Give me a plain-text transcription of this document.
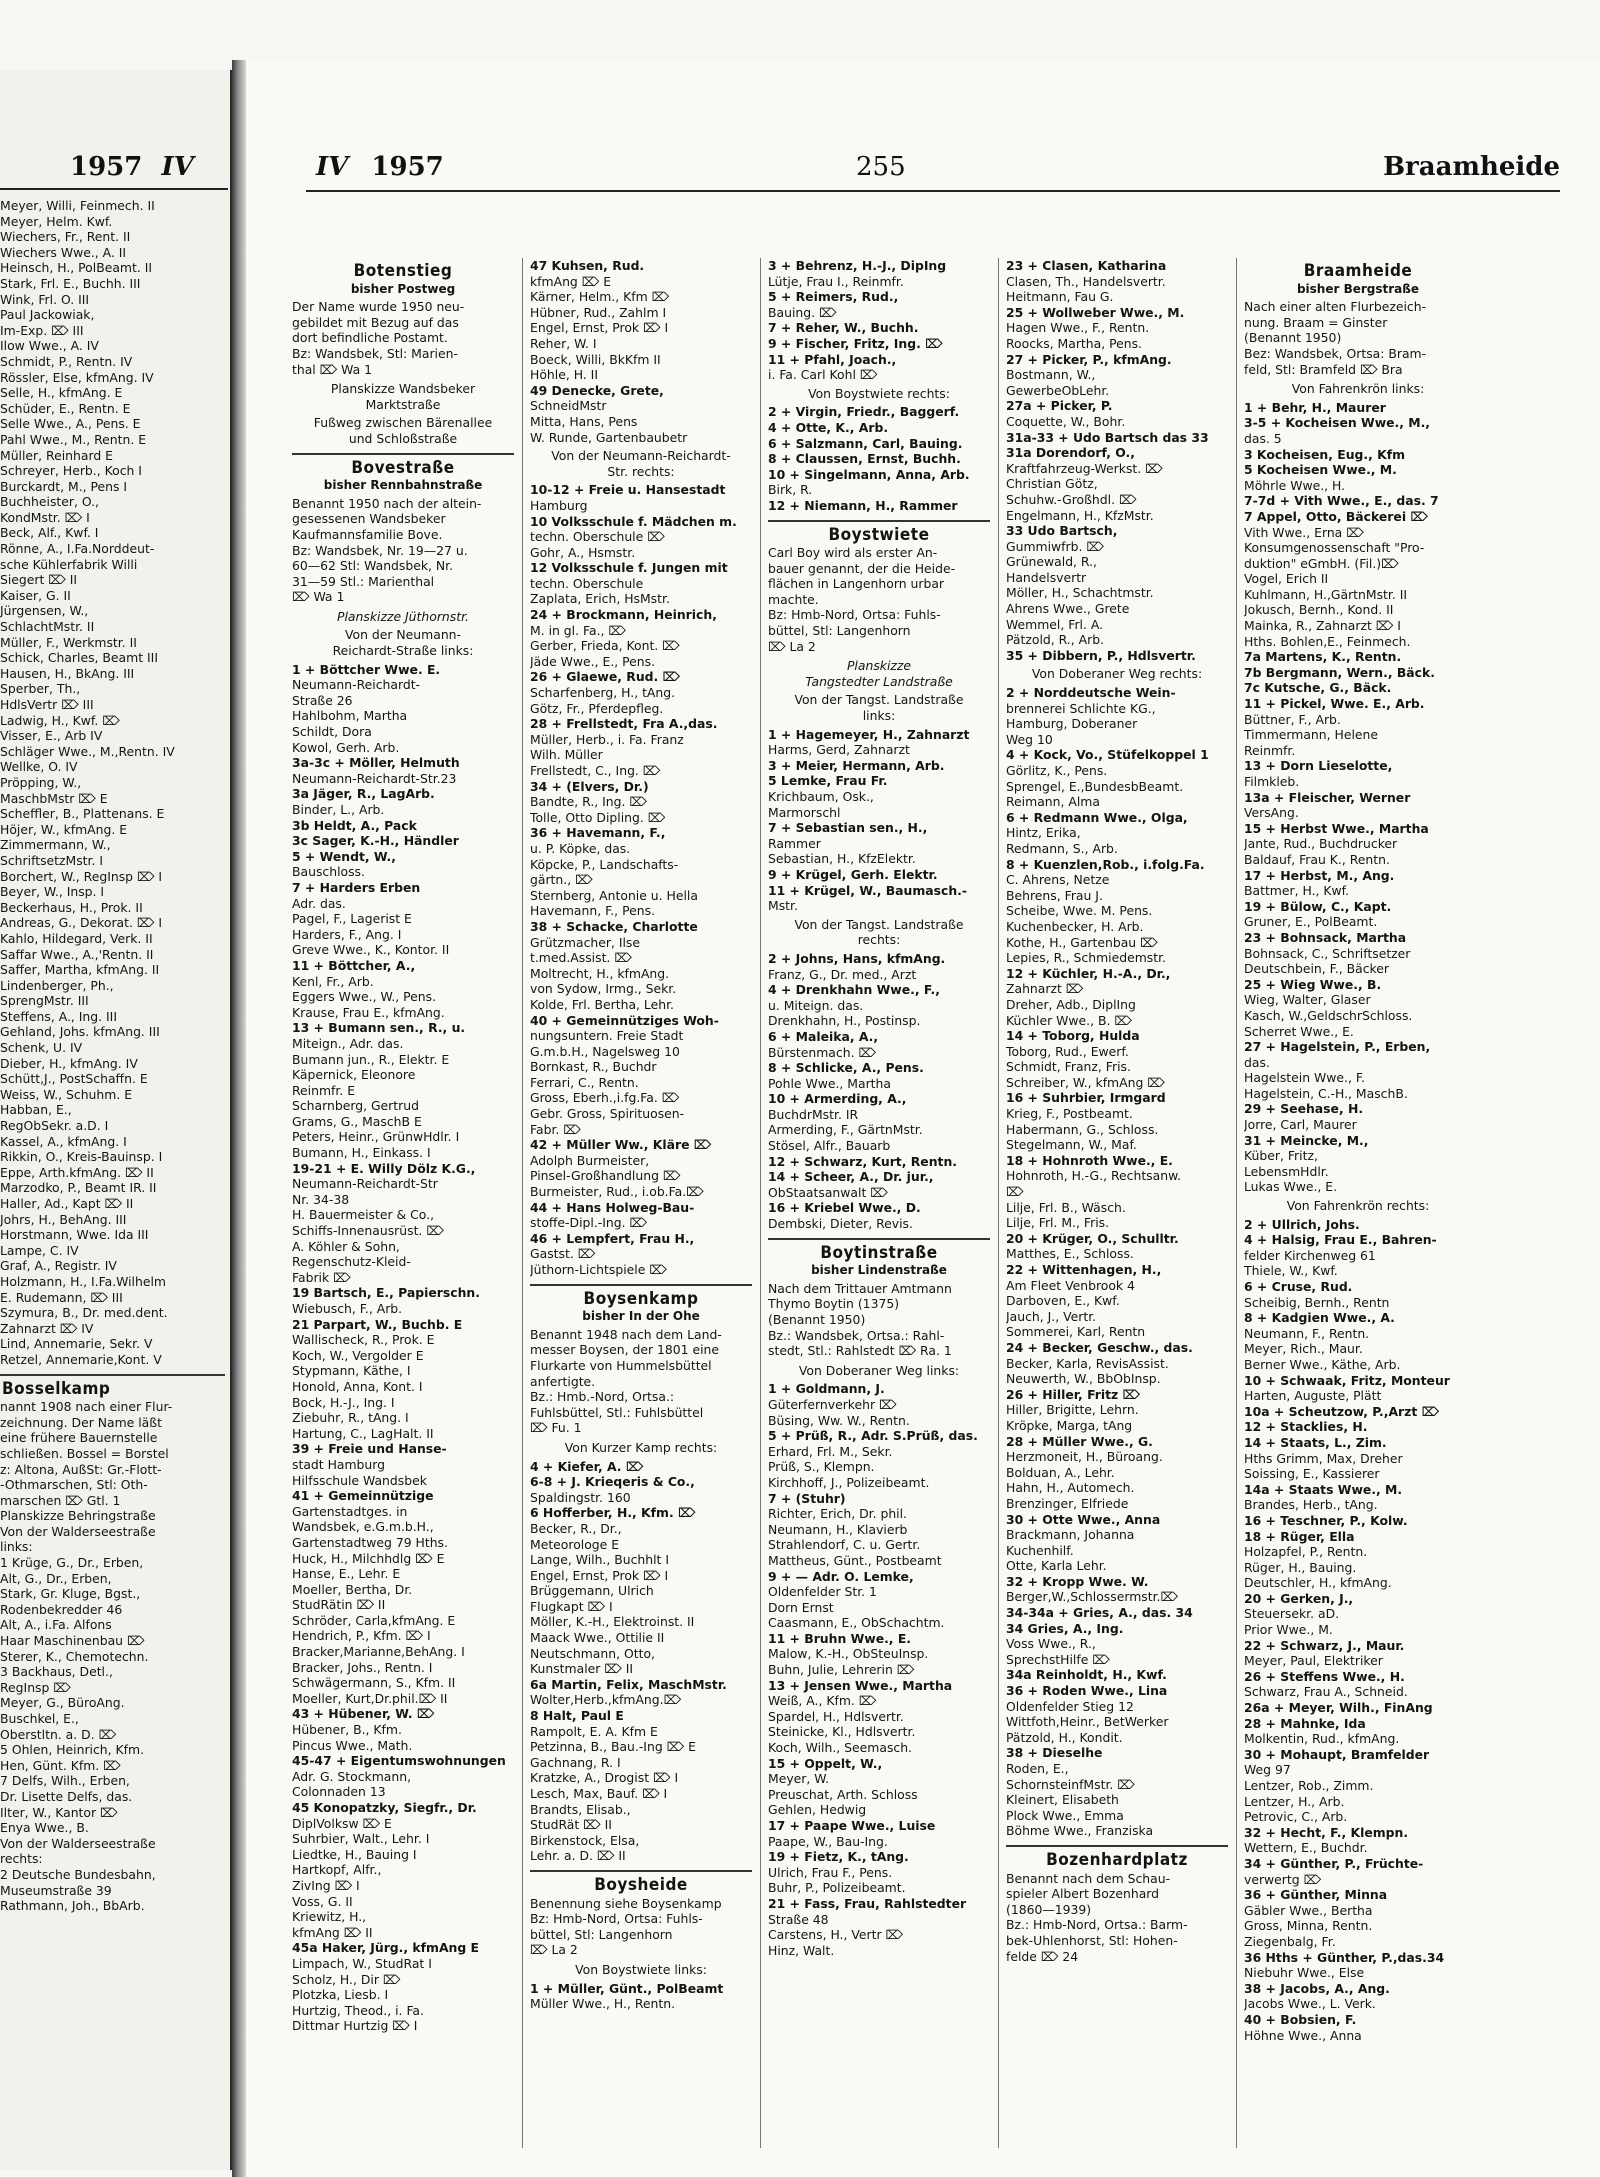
1957 IV
Meyer, Willi, Feinmech. II
Meyer, Helm. Kwf.
Wiechers, Fr., Rent. II
Wiechers Wwe., A. II
Heinsch, H., PolBeamt. II
Stark, Frl. E., Buchh. III
Wink, Frl. O. III
Paul Jackowiak,
Im-Exp. ⌦ III
Ilow Wwe., A. IV
Schmidt, P., Rentn. IV
Rössler, Else, kfmAng. IV
Selle, H., kfmAng. E
Schüder, E., Rentn. E
Selle Wwe., A., Pens. E
Pahl Wwe., M., Rentn. E
Müller, Reinhard E
Schreyer, Herb., Koch I
Burckardt, M., Pens I
Buchheister, O.,
KondMstr. ⌦ I
Beck, Alf., Kwf. I
Rönne, A., I.Fa.Norddeut-
sche Kühlerfabrik Willi
Siegert ⌦ II
Kaiser, G. II
Jürgensen, W.,
SchlachtMstr. II
Müller, F., Werkmstr. II
Schick, Charles, Beamt III
Hausen, H., BkAng. III
Sperber, Th.,
HdlsVertr ⌦ III
Ladwig, H., Kwf. ⌦
Visser, E., Arb IV
Schläger Wwe., M.,Rentn. IV
Wellke, O. IV
Pröpping, W.,
MaschbMstr ⌦ E
Scheffler, B., Plattenans. E
Höjer, W., kfmAng. E
Zimmermann, W.,
SchriftsetzMstr. I
Borchert, W., RegInsp ⌦ I
Beyer, W., Insp. I
Beckerhaus, H., Prok. II
Andreas, G., Dekorat. ⌦ I
Kahlo, Hildegard, Verk. II
Saffar Wwe., A.,'Rentn. II
Saffer, Martha, kfmAng. II
Lindenberger, Ph.,
SprengMstr. III
Steffens, A., Ing. III
Gehland, Johs. kfmAng. III
Schenk, U. IV
Dieber, H., kfmAng. IV
Schütt,J., PostSchaffn. E
Weiss, W., Schuhm. E
Habban, E.,
RegObSekr. a.D. I
Kassel, A., kfmAng. I
Rikkin, O., Kreis-Bauinsp. I
Eppe, Arth.kfmAng. ⌦ II
Marzodko, P., Beamt IR. II
Haller, Ad., Kapt ⌦ II
Johrs, H., BehAng. III
Horstmann, Wwe. Ida III
Lampe, C. IV
Graf, A., Registr. IV
Holzmann, H., I.Fa.Wilhelm
E. Rudemann, ⌦ III
Szymura, B., Dr. med.dent.
Zahnarzt ⌦ IV
Lind, Annemarie, Sekr. V
Retzel, Annemarie,Kont. V
Bosselkamp
nannt 1908 nach einer Flur-
zeichnung. Der Name läßt
eine frühere Bauernstelle
schließen. Bossel = Borstel
z: Altona, AußSt: Gr.-Flott-
-Othmarschen, Stl: Oth-
marschen ⌦ Gtl. 1
Planskizze Behringstraße
Von der Walderseestraße
links:
1 Krüge, G., Dr., Erben,
Alt, G., Dr., Erben,
Stark, Gr. Kluge, Bgst.,
Rodenbekredder 46
Alt, A., i.Fa. Alfons
Haar Maschinenbau ⌦
Sterer, K., Chemotechn.
3 Backhaus, Detl.,
RegInsp ⌦
Meyer, G., BüroAng.
Buschkel, E.,
Oberstltn. a. D. ⌦
5 Ohlen, Heinrich, Kfm.
Hen, Günt. Kfm. ⌦
7 Delfs, Wilh., Erben,
Dr. Lisette Delfs, das.
Ilter, W., Kantor ⌦
Enya Wwe., B.
Von der Walderseestraße
rechts:
2 Deutsche Bundesbahn,
Museumstraße 39
Rathmann, Joh., BbArb.
IV 1957	255	Braamheide
Botenstieg
bisher Postweg
Der Name wurde 1950 neu-
gebildet mit Bezug auf das
dort befindliche Postamt.
Bz: Wandsbek, Stl: Marien-
thal ⌦ Wa 1
Planskizze Wandsbeker
Marktstraße
Fußweg zwischen Bärenallee
und Schloßstraße
Bovestraße
bisher Rennbahnstraße
Benannt 1950 nach der altein-
gesessenen Wandsbeker
Kaufmannsfamilie Bove.
Bz: Wandsbek, Nr. 19—27 u.
60—62 Stl: Wandsbek, Nr.
31—59 Stl.: Marienthal
⌦ Wa 1
Planskizze Jüthornstr.
Von der Neumann-
Reichardt-Straße links:
1 + Böttcher Wwe. E.
Neumann-Reichardt-
Straße 26
Hahlbohm, Martha
Schildt, Dora
Kowol, Gerh. Arb.
3a-3c + Möller, Helmuth
Neumann-Reichardt-Str.23
3a Jäger, R., LagArb.
Binder, L., Arb.
3b Heldt, A., Pack
3c Sager, K.-H., Händler
5 + Wendt, W.,
Bauschloss.
7 + Harders Erben
Adr. das.
Pagel, F., Lagerist E
Harders, F., Ang. I
Greve Wwe., K., Kontor. II
11 + Böttcher, A.,
Kenl, Fr., Arb.
Eggers Wwe., W., Pens.
Krause, Frau E., kfmAng.
13 + Bumann sen., R., u.
Miteign., Adr. das.
Bumann jun., R., Elektr. E
Käpernick, Eleonore
Reinmfr. E
Scharnberg, Gertrud
Grams, G., MaschB E
Peters, Heinr., GrünwHdlr. I
Bumann, H., Einkass. I
19-21 + E. Willy Dölz K.G.,
Neumann-Reichardt-Str
Nr. 34-38
H. Bauermeister & Co.,
Schiffs-Innenausrüst. ⌦
A. Köhler & Sohn,
Regenschutz-Kleid-
Fabrik ⌦
19 Bartsch, E., Papierschn.
Wiebusch, F., Arb.
21 Parpart, W., Buchb. E
Wallischeck, R., Prok. E
Koch, W., Vergolder E
Stypmann, Käthe, I
Honold, Anna, Kont. I
Bock, H.-J., Ing. I
Ziebuhr, R., tAng. I
Hartung, C., LagHalt. II
39 + Freie und Hanse-
stadt Hamburg
Hilfsschule Wandsbek
41 + Gemeinnützige
Gartenstadtges. in
Wandsbek, e.G.m.b.H.,
Gartenstadtweg 79 Hths.
Huck, H., Milchhdlg ⌦ E
Hanse, E., Lehr. E
Moeller, Bertha, Dr.
StudRätin ⌦ II
Schröder, Carla,kfmAng. E
Hendrich, P., Kfm. ⌦ I
Bracker,Marianne,BehAng. I
Bracker, Johs., Rentn. I
Schwägermann, S., Kfm. II
Moeller, Kurt,Dr.phil.⌦ II
43 + Hübener, W. ⌦
Hübener, B., Kfm.
Pincus Wwe., Math.
45-47 + Eigentumswohnungen
Adr. G. Stockmann,
Colonnaden 13
45 Konopatzky, Siegfr., Dr.
DiplVolksw ⌦ E
Suhrbier, Walt., Lehr. I
Liedtke, H., Bauing I
Hartkopf, Alfr.,
ZivIng ⌦ I
Voss, G. II
Kriewitz, H.,
kfmAng ⌦ II
45a Haker, Jürg., kfmAng E
Limpach, W., StudRat I
Scholz, H., Dir ⌦
Plotzka, Liesb. I
Hurtzig, Theod., i. Fa.
Dittmar Hurtzig ⌦ I
47 Kuhsen, Rud.
kfmAng ⌦ E
Kärner, Helm., Kfm ⌦
Hübner, Rud., Zahlm I
Engel, Ernst, Prok ⌦ I
Reher, W. I
Boeck, Willi, BkKfm II
Höhle, H. II
49 Denecke, Grete,
SchneidMstr
Mitta, Hans, Pens
W. Runde, Gartenbaubetr
Von der Neumann-Reichardt-
Str. rechts:
10-12 + Freie u. Hansestadt
Hamburg
10 Volksschule f. Mädchen m.
techn. Oberschule ⌦
Gohr, A., Hsmstr.
12 Volksschule f. Jungen mit
techn. Oberschule
Zaplata, Erich, HsMstr.
24 + Brockmann, Heinrich,
M. in gl. Fa., ⌦
Gerber, Frieda, Kont. ⌦
Jäde Wwe., E., Pens.
26 + Glaewe, Rud. ⌦
Scharfenberg, H., tAng.
Götz, Fr., Pferdepfleg.
28 + Frellstedt, Fra A.,das.
Müller, Herb., i. Fa. Franz
Wilh. Müller
Frellstedt, C., Ing. ⌦
34 + (Elvers, Dr.)
Bandte, R., Ing. ⌦
Tolle, Otto Dipling. ⌦
36 + Havemann, F.,
u. P. Köpke, das.
Köpcke, P., Landschafts-
gärtn., ⌦
Sternberg, Antonie u. Hella
Havemann, F., Pens.
38 + Schacke, Charlotte
Grützmacher, Ilse
t.med.Assist. ⌦
Moltrecht, H., kfmAng.
von Sydow, Irmg., Sekr.
Kolde, Frl. Bertha, Lehr.
40 + Gemeinnütziges Woh-
nungsuntern. Freie Stadt
G.m.b.H., Nagelsweg 10
Bornkast, R., Buchdr
Ferrari, C., Rentn.
Gross, Eberh.,i.fg.Fa. ⌦
Gebr. Gross, Spirituosen-
Fabr. ⌦
42 + Müller Ww., Kläre ⌦
Adolph Burmeister,
Pinsel-Großhandlung ⌦
Burmeister, Rud., i.ob.Fa.⌦
44 + Hans Holweg-Bau-
stoffe-Dipl.-Ing. ⌦
46 + Lempfert, Frau H.,
Gastst. ⌦
Jüthorn-Lichtspiele ⌦
Boysenkamp
bisher In der Ohe
Benannt 1948 nach dem Land-
messer Boysen, der 1801 eine
Flurkarte von Hummelsbüttel
anfertigte.
Bz.: Hmb.-Nord, Ortsa.:
Fuhlsbüttel, Stl.: Fuhlsbüttel
⌦ Fu. 1
Von Kurzer Kamp rechts:
4 + Kiefer, A. ⌦
6-8 + J. Krieqeris & Co.,
Spaldingstr. 160
6 Hofferber, H., Kfm. ⌦
Becker, R., Dr.,
Meteorologe E
Lange, Wilh., Buchhlt I
Engel, Ernst, Prok ⌦ I
Brüggemann, Ulrich
Flugkapt ⌦ I
Möller, K.-H., Elektroinst. II
Maack Wwe., Ottilie II
Neutschmann, Otto,
Kunstmaler ⌦ II
6a Martin, Felix, MaschMstr.
Wolter,Herb.,kfmAng.⌦
8 Halt, Paul E
Rampolt, E. A. Kfm E
Petzinna, B., Bau.-Ing ⌦ E
Gachnang, R. I
Kratzke, A., Drogist ⌦ I
Lesch, Max, Bauf. ⌦ I
Brandts, Elisab.,
StudRät ⌦ II
Birkenstock, Elsa,
Lehr. a. D. ⌦ II
Boysheide
Benennung siehe Boysenkamp
Bz: Hmb-Nord, Ortsa: Fuhls-
büttel, Stl: Langenhorn
⌦ La 2
Von Boystwiete links:
1 + Müller, Günt., PolBeamt
Müller Wwe., H., Rentn.
3 + Behrenz, H.-J., DipIng
Lütje, Frau I., Reinmfr.
5 + Reimers, Rud.,
Bauing. ⌦
7 + Reher, W., Buchh.
9 + Fischer, Fritz, Ing. ⌦
11 + Pfahl, Joach.,
i. Fa. Carl Kohl ⌦
Von Boystwiete rechts:
2 + Virgin, Friedr., Baggerf.
4 + Otte, K., Arb.
6 + Salzmann, Carl, Bauing.
8 + Claussen, Ernst, Buchh.
10 + Singelmann, Anna, Arb.
Birk, R.
12 + Niemann, H., Rammer
Boystwiete
Carl Boy wird als erster An-
bauer genannt, der die Heide-
flächen in Langenhorn urbar
machte.
Bz: Hmb-Nord, Ortsa: Fuhls-
büttel, Stl: Langenhorn
⌦ La 2
Planskizze
Tangstedter Landstraße
Von der Tangst. Landstraße
links:
1 + Hagemeyer, H., Zahnarzt
Harms, Gerd, Zahnarzt
3 + Meier, Hermann, Arb.
5 Lemke, Frau Fr.
Krichbaum, Osk.,
Marmorschl
7 + Sebastian sen., H.,
Rammer
Sebastian, H., KfzElektr.
9 + Krügel, Gerh. Elektr.
11 + Krügel, W., Baumasch.-
Mstr.
Von der Tangst. Landstraße
rechts:
2 + Johns, Hans, kfmAng.
Franz, G., Dr. med., Arzt
4 + Drenkhahn Wwe., F.,
u. Miteign. das.
Drenkhahn, H., Postinsp.
6 + Maleika, A.,
Bürstenmach. ⌦
8 + Schlicke, A., Pens.
Pohle Wwe., Martha
10 + Armerding, A.,
BuchdrMstr. IR
Armerding, F., GärtnMstr.
Stösel, Alfr., Bauarb
12 + Schwarz, Kurt, Rentn.
14 + Scheer, A., Dr. jur.,
ObStaatsanwalt ⌦
16 + Kriebel Wwe., D.
Dembski, Dieter, Revis.
Boytinstraße
bisher Lindenstraße
Nach dem Trittauer Amtmann
Thymo Boytin (1375)
(Benannt 1950)
Bz.: Wandsbek, Ortsa.: Rahl-
stedt, Stl.: Rahlstedt ⌦ Ra. 1
Von Doberaner Weg links:
1 + Goldmann, J.
Güterfernverkehr ⌦
Büsing, Ww. W., Rentn.
5 + Prüß, R., Adr. S.Prüß, das.
Erhard, Frl. M., Sekr.
Prüß, S., Klempn.
Kirchhoff, J., Polizeibeamt.
7 + (Stuhr)
Richter, Erich, Dr. phil.
Neumann, H., Klavierb
Strahlendorf, C. u. Gertr.
Mattheus, Günt., Postbeamt
9 + — Adr. O. Lemke,
Oldenfelder Str. 1
Dorn Ernst
Caasmann, E., ObSchachtm.
11 + Bruhn Wwe., E.
Malow, K.-H., ObSteuInsp.
Buhn, Julie, Lehrerin ⌦
13 + Jensen Wwe., Martha
Weiß, A., Kfm. ⌦
Spardel, H., Hdlsvertr.
Steinicke, Kl., Hdlsvertr.
Koch, Wilh., Seemasch.
15 + Oppelt, W.,
Meyer, W.
Preuschat, Arth. Schloss
Gehlen, Hedwig
17 + Paape Wwe., Luise
Paape, W., Bau-Ing.
19 + Fietz, K., tAng.
Ulrich, Frau F., Pens.
Buhr, P., Polizeibeamt.
21 + Fass, Frau, Rahlstedter
Straße 48
Carstens, H., Vertr ⌦
Hinz, Walt.
23 + Clasen, Katharina
Clasen, Th., Handelsvertr.
Heitmann, Fau G.
25 + Wollweber Wwe., M.
Hagen Wwe., F., Rentn.
Roocks, Martha, Pens.
27 + Picker, P., kfmAng.
Bostmann, W.,
GewerbeObLehr.
27a + Picker, P.
Coquette, W., Bohr.
31a-33 + Udo Bartsch das 33
31a Dorendorf, O.,
Kraftfahrzeug-Werkst. ⌦
Christian Götz,
Schuhw.-Großhdl. ⌦
Engelmann, H., KfzMstr.
33 Udo Bartsch,
Gummiwfrb. ⌦
Grünewald, R.,
Handelsvertr
Möller, H., Schachtmstr.
Ahrens Wwe., Grete
Wemmel, Frl. A.
Pätzold, R., Arb.
35 + Dibbern, P., Hdlsvertr.
Von Doberaner Weg rechts:
2 + Norddeutsche Wein-
brennerei Schlichte KG.,
Hamburg, Doberaner
Weg 10
4 + Kock, Vo., Stüfelkoppel 1
Görlitz, K., Pens.
Sprengel, E.,BundesbBeamt.
Reimann, Alma
6 + Redmann Wwe., Olga,
Hintz, Erika,
Redmann, S., Arb.
8 + Kuenzlen,Rob., i.folg.Fa.
C. Ahrens, Netze
Behrens, Frau J.
Scheibe, Wwe. M. Pens.
Kuchenbecker, H. Arb.
Kothe, H., Gartenbau ⌦
Lepies, R., Schmiedemstr.
12 + Küchler, H.-A., Dr.,
Zahnarzt ⌦
Dreher, Adb., DiplIng
Küchler Wwe., B. ⌦
14 + Toborg, Hulda
Toborg, Rud., Ewerf.
Schmidt, Franz, Fris.
Schreiber, W., kfmAng ⌦
16 + Suhrbier, Irmgard
Krieg, F., Postbeamt.
Habermann, G., Schloss.
Stegelmann, W., Maf.
18 + Hohnroth Wwe., E.
Hohnroth, H.-G., Rechtsanw.
⌦
Lilje, Frl. B., Wäsch.
Lilje, Frl. M., Fris.
20 + Krüger, O., Schulltr.
Matthes, E., Schloss.
22 + Wittenhagen, H.,
Am Fleet Venbrook 4
Darboven, E., Kwf.
Jauch, J., Vertr.
Sommerei, Karl, Rentn
24 + Becker, Geschw., das.
Becker, Karla, RevisAssist.
Neuwerth, W., BbObInsp.
26 + Hiller, Fritz ⌦
Hiller, Brigitte, Lehrn.
Kröpke, Marga, tAng
28 + Müller Wwe., G.
Herzmoneit, H., Büroang.
Bolduan, A., Lehr.
Hahn, H., Automech.
Brenzinger, Elfriede
30 + Otte Wwe., Anna
Brackmann, Johanna
Kuchenhilf.
Otte, Karla Lehr.
32 + Kropp Wwe. W.
Berger,W.,Schlossermstr.⌦
34-34a + Gries, A., das. 34
34 Gries, A., Ing.
Voss Wwe., R.,
SprechstHilfe ⌦
34a Reinholdt, H., Kwf.
36 + Roden Wwe., Lina
Oldenfelder Stieg 12
Wittfoth,Heinr., BetWerker
Pätzold, H., Kondit.
38 + Dieselhe
Roden, E.,
SchornsteinfMstr. ⌦
Kleinert, Elisabeth
Plock Wwe., Emma
Böhme Wwe., Franziska
Bozenhardplatz
Benannt nach dem Schau-
spieler Albert Bozenhard
(1860—1939)
Bz.: Hmb-Nord, Ortsa.: Barm-
bek-Uhlenhorst, Stl: Hohen-
felde ⌦ 24
Braamheide
bisher Bergstraße
Nach einer alten Flurbezeich-
nung. Braam = Ginster
(Benannt 1950)
Bez: Wandsbek, Ortsa: Bram-
feld, Stl: Bramfeld ⌦ Bra
Von Fahrenkrön links:
1 + Behr, H., Maurer
3-5 + Kocheisen Wwe., M.,
das. 5
3 Kocheisen, Eug., Kfm
5 Kocheisen Wwe., M.
Möhrle Wwe., H.
7-7d + Vith Wwe., E., das. 7
7 Appel, Otto, Bäckerei ⌦
Vith Wwe., Erna ⌦
Konsumgenossenschaft "Pro-
duktion" eGmbH. (Fil.)⌦
Vogel, Erich II
Kuhlmann, H.,GärtnMstr. II
Jokusch, Bernh., Kond. II
Mainka, R., Zahnarzt ⌦ I
Hths. Bohlen,E., Feinmech.
7a Martens, K., Rentn.
7b Bergmann, Wern., Bäck.
7c Kutsche, G., Bäck.
11 + Pickel, Wwe. E., Arb.
Büttner, F., Arb.
Timmermann, Helene
Reinmfr.
13 + Dorn Lieselotte,
Filmkleb.
13a + Fleischer, Werner
VersAng.
15 + Herbst Wwe., Martha
Jante, Rud., Buchdrucker
Baldauf, Frau K., Rentn.
17 + Herbst, M., Ang.
Battmer, H., Kwf.
19 + Bülow, C., Kapt.
Gruner, E., PolBeamt.
23 + Bohnsack, Martha
Bohnsack, C., Schriftsetzer
Deutschbein, F., Bäcker
25 + Wieg Wwe., B.
Wieg, Walter, Glaser
Kasch, W.,GeldschrSchloss.
Scherret Wwe., E.
27 + Hagelstein, P., Erben,
das.
Hagelstein Wwe., F.
Hagelstein, C.-H., MaschB.
29 + Seehase, H.
Jorre, Carl, Maurer
31 + Meincke, M.,
Küber, Fritz,
LebensmHdlr.
Lukas Wwe., E.
Von Fahrenkrön rechts:
2 + Ullrich, Johs.
4 + Halsig, Frau E., Bahren-
felder Kirchenweg 61
Thiele, W., Kwf.
6 + Cruse, Rud.
Scheibig, Bernh., Rentn
8 + Kadgien Wwe., A.
Neumann, F., Rentn.
Meyer, Rich., Maur.
Berner Wwe., Käthe, Arb.
10 + Schwaak, Fritz, Monteur
Harten, Auguste, Plätt
10a + Scheutzow, P.,Arzt ⌦
12 + Stacklies, H.
14 + Staats, L., Zim.
Hths Grimm, Max, Dreher
Soissing, E., Kassierer
14a + Staats Wwe., M.
Brandes, Herb., tAng.
16 + Teschner, P., Kolw.
18 + Rüger, Ella
Holzapfel, P., Rentn.
Rüger, H., Bauing.
Deutschler, H., kfmAng.
20 + Gerken, J.,
Steuersekr. aD.
Prior Wwe., M.
22 + Schwarz, J., Maur.
Meyer, Paul, Elektriker
26 + Steffens Wwe., H.
Schwarz, Frau A., Schneid.
26a + Meyer, Wilh., FinAng
28 + Mahnke, Ida
Molkentin, Rud., kfmAng.
30 + Mohaupt, Bramfelder
Weg 97
Lentzer, Rob., Zimm.
Lentzer, H., Arb.
Petrovic, C., Arb.
32 + Hecht, F., Klempn.
Wettern, E., Buchdr.
34 + Günther, P., Früchte-
verwertg ⌦
36 + Günther, Minna
Gäbler Wwe., Bertha
Gross, Minna, Rentn.
Ziegenbalg, Fr.
36 Hths + Günther, P.,das.34
Niebuhr Wwe., Else
38 + Jacobs, A., Ang.
Jacobs Wwe., L. Verk.
40 + Bobsien, F.
Höhne Wwe., Anna
